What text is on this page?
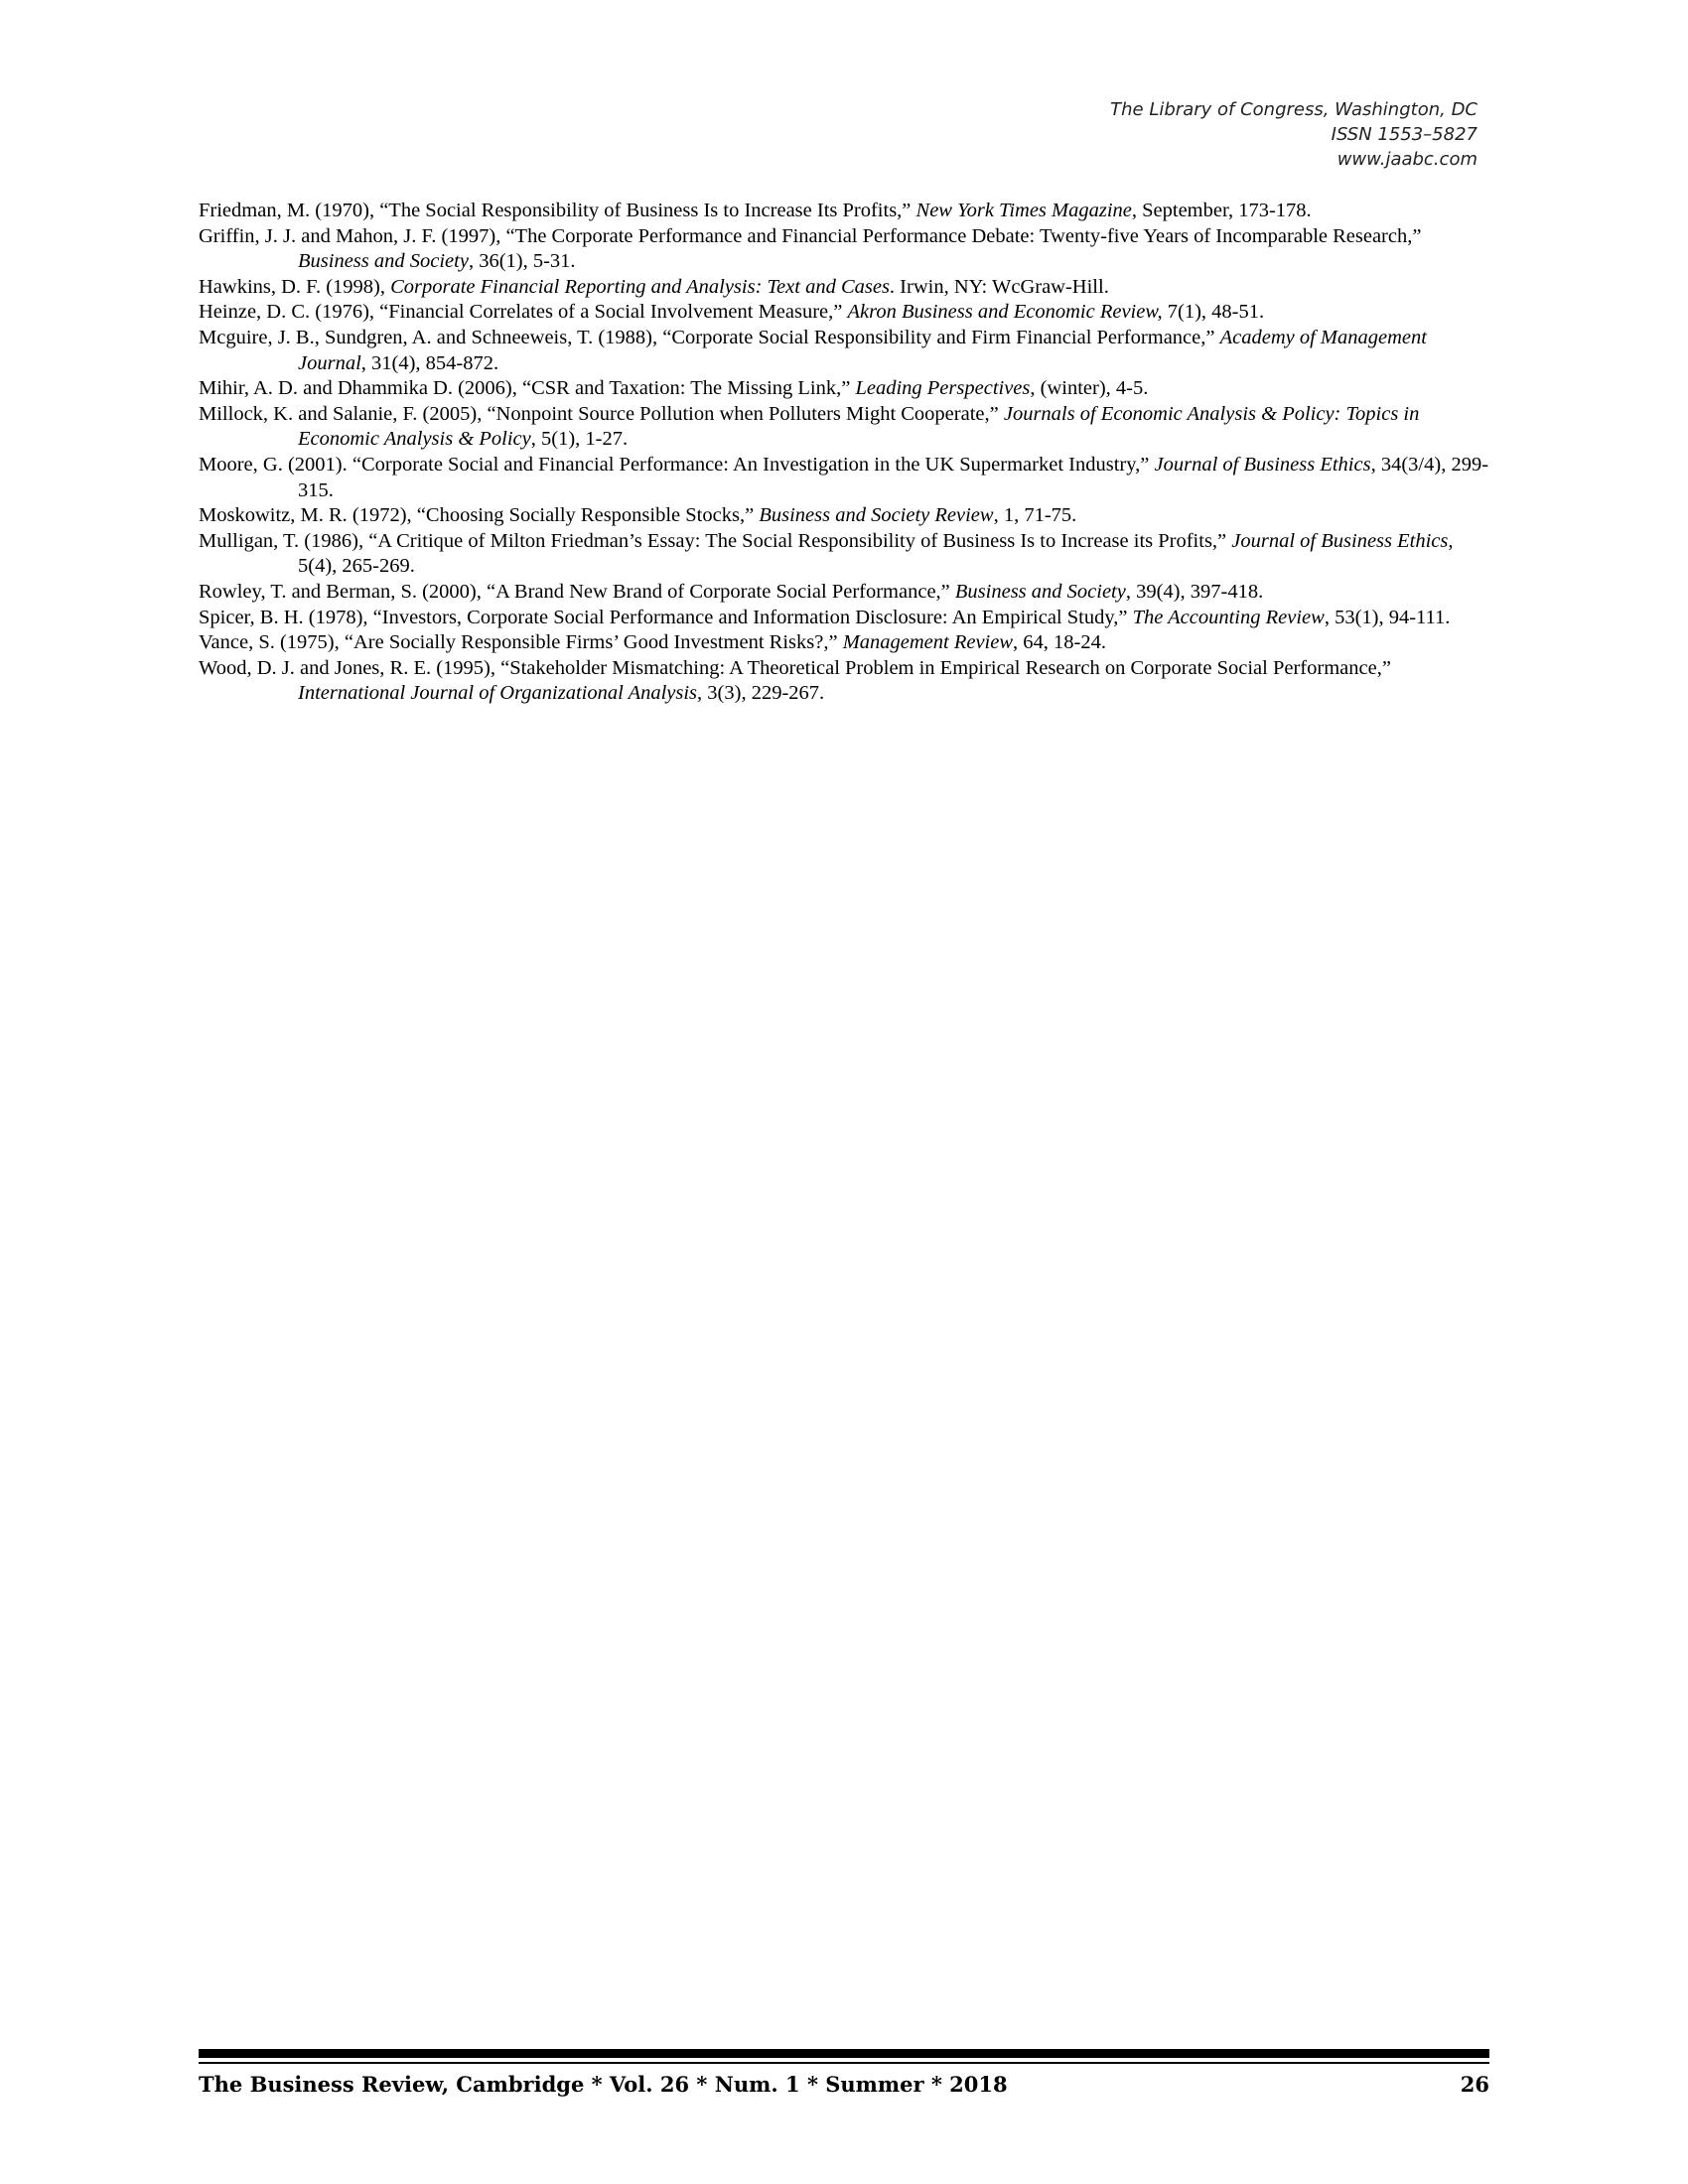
The Library of Congress, Washington, DC
ISSN 1553–5827
www.jaabc.com

Friedman, M. (1970), “The Social Responsibility of Business Is to Increase Its Profits,” New York Times Magazine, September, 173-178.

Griffin, J. J. and Mahon, J. F. (1997), “The Corporate Performance and Financial Performance Debate: Twenty-five Years of Incomparable Research,” Business and Society, 36(1), 5-31.

Hawkins, D. F. (1998), Corporate Financial Reporting and Analysis: Text and Cases. Irwin, NY: WcGraw-Hill.

Heinze, D. C. (1976), “Financial Correlates of a Social Involvement Measure,” Akron Business and Economic Review, 7(1), 48-51.

Mcguire, J. B., Sundgren, A. and Schneeweis, T. (1988), “Corporate Social Responsibility and Firm Financial Performance,” Academy of Management Journal, 31(4), 854-872.

Mihir, A. D. and Dhammika D. (2006), “CSR and Taxation: The Missing Link,” Leading Perspectives, (winter), 4-5.

Millock, K. and Salanie, F. (2005), “Nonpoint Source Pollution when Polluters Might Cooperate,” Journals of Economic Analysis & Policy: Topics in Economic Analysis & Policy, 5(1), 1-27.

Moore, G. (2001). “Corporate Social and Financial Performance: An Investigation in the UK Supermarket Industry,” Journal of Business Ethics, 34(3/4), 299-315.

Moskowitz, M. R. (1972), “Choosing Socially Responsible Stocks,” Business and Society Review, 1, 71-75.

Mulligan, T. (1986), “A Critique of Milton Friedman’s Essay: The Social Responsibility of Business Is to Increase its Profits,” Journal of Business Ethics, 5(4), 265-269.

Rowley, T. and Berman, S. (2000), “A Brand New Brand of Corporate Social Performance,” Business and Society, 39(4), 397-418.

Spicer, B. H. (1978), “Investors, Corporate Social Performance and Information Disclosure: An Empirical Study,” The Accounting Review, 53(1), 94-111.

Vance, S. (1975), “Are Socially Responsible Firms’ Good Investment Risks?,” Management Review, 64, 18-24.

Wood, D. J. and Jones, R. E. (1995), “Stakeholder Mismatching: A Theoretical Problem in Empirical Research on Corporate Social Performance,” International Journal of Organizational Analysis, 3(3), 229-267.

The Business Review, Cambridge * Vol. 26 * Num. 1 * Summer * 2018	26
